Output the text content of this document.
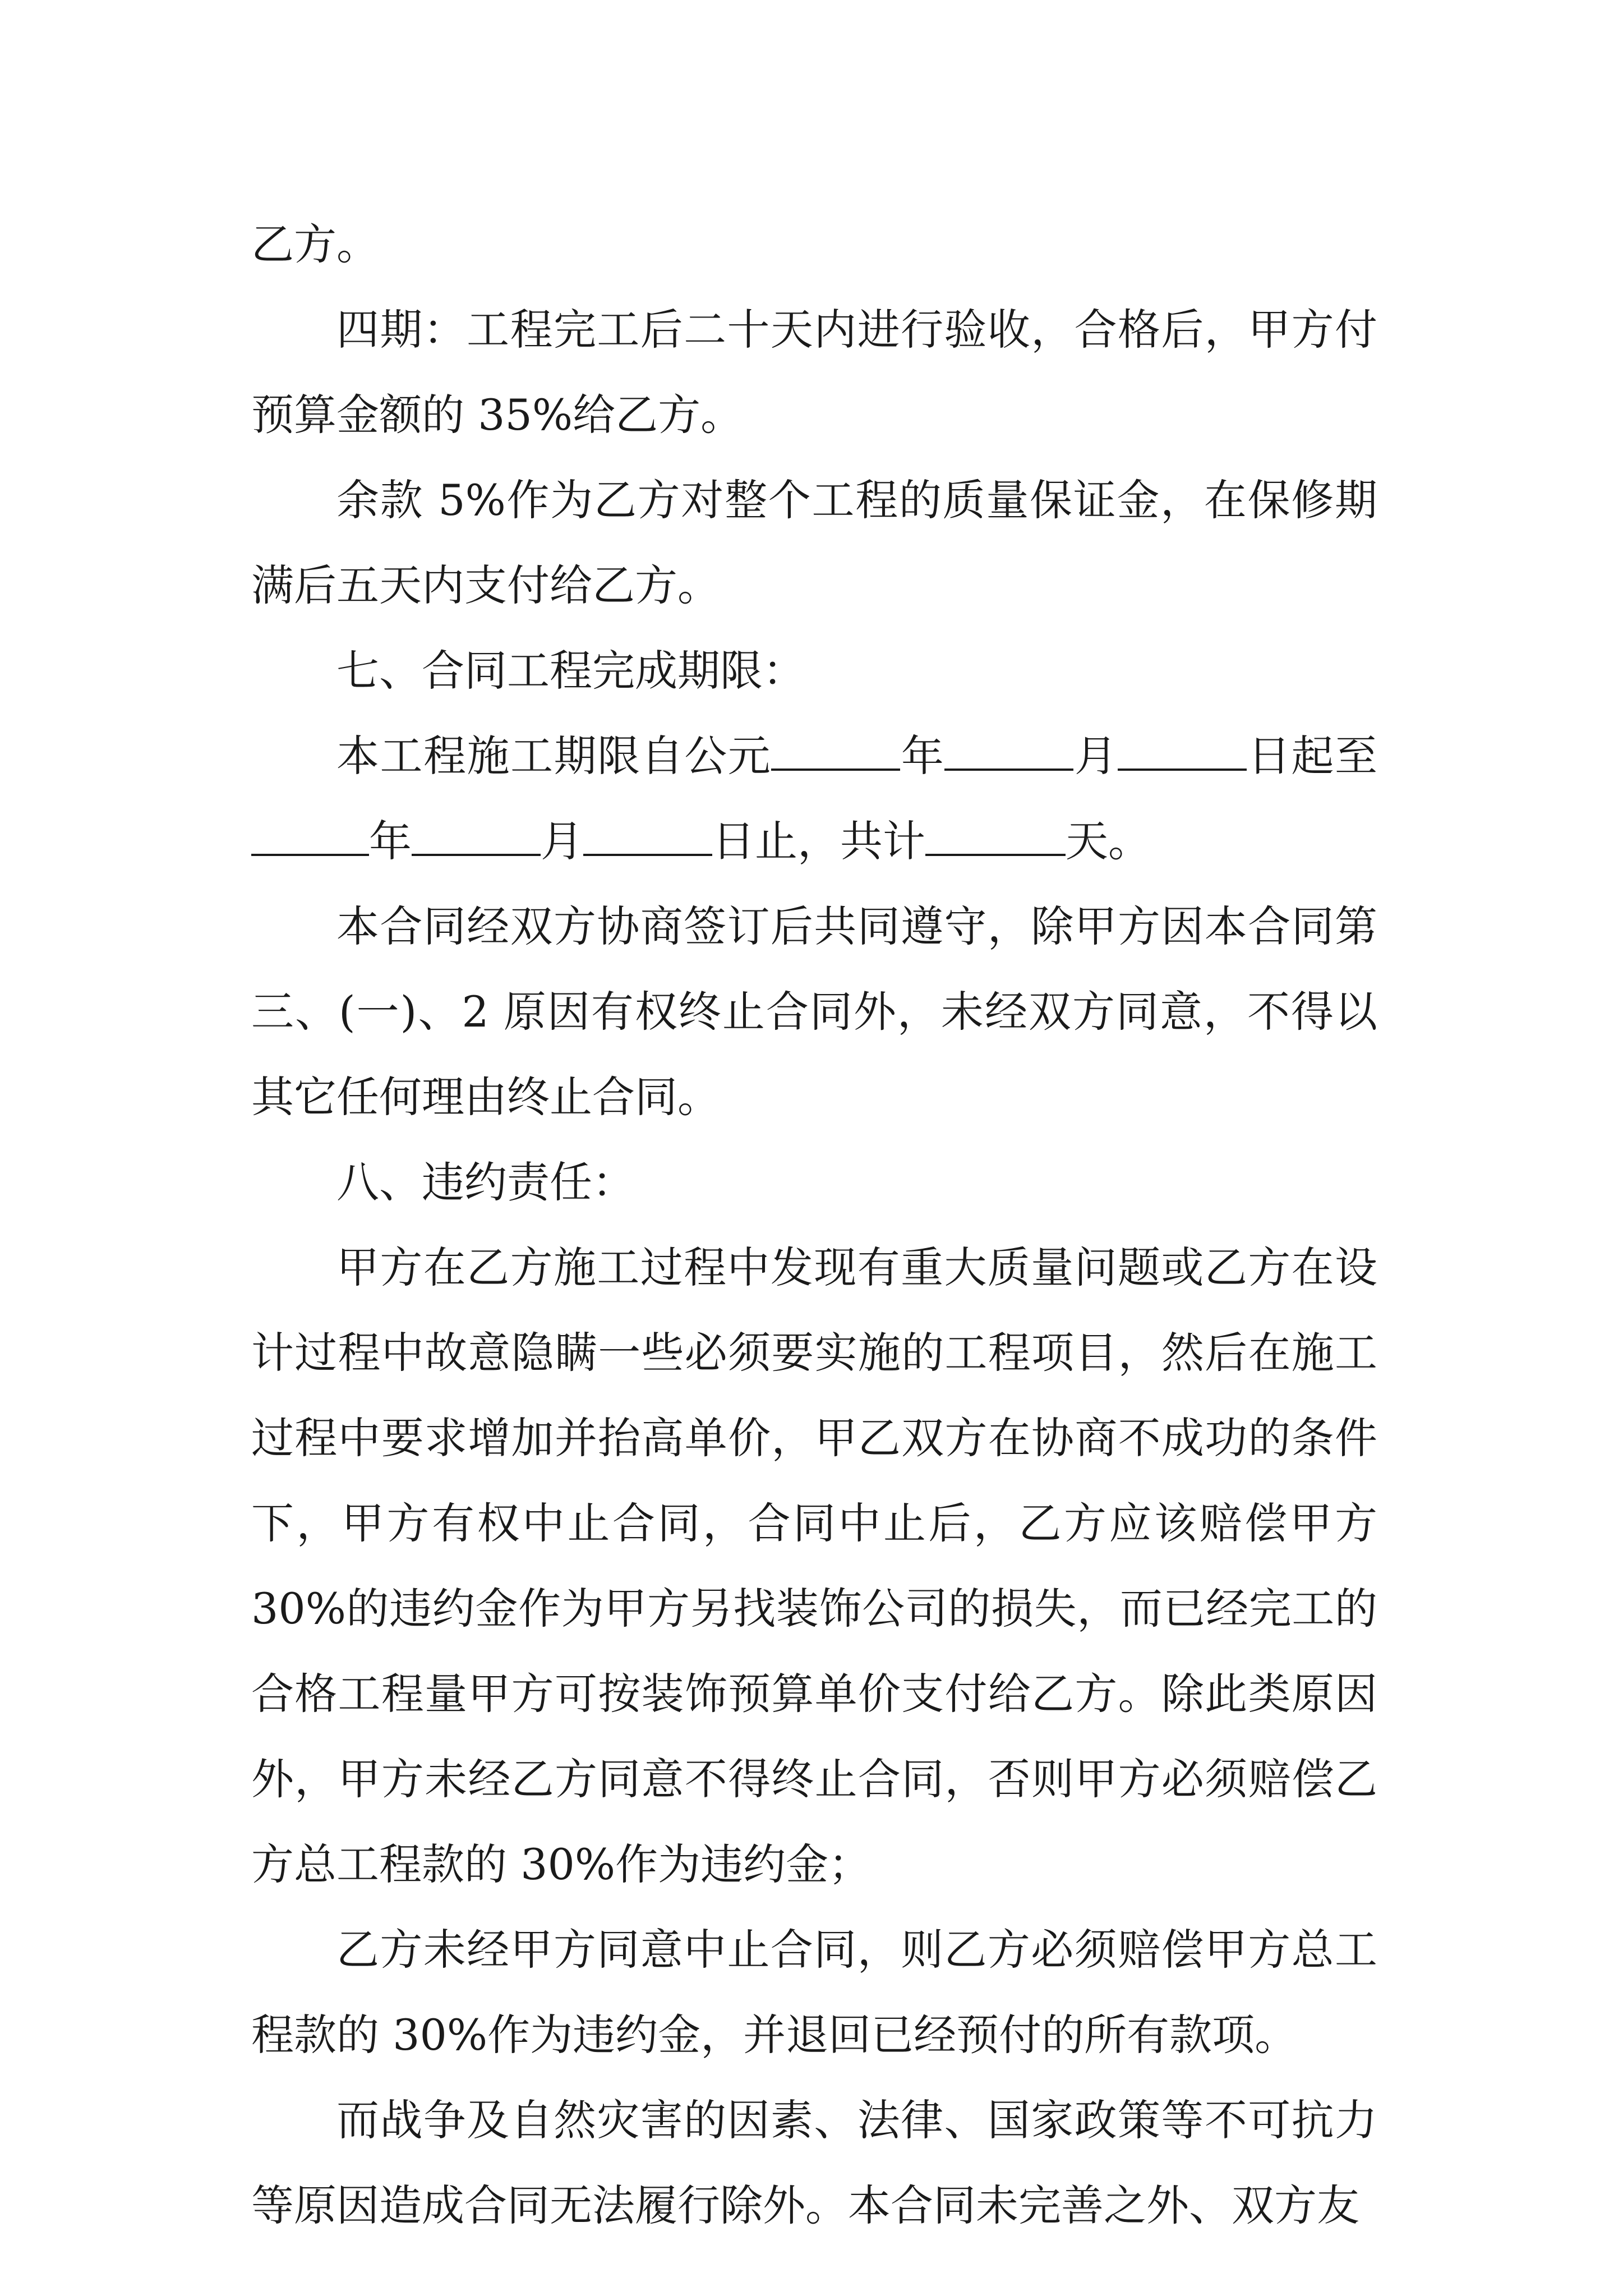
乙方。

四期：工程完工后二十天内进行验收，合格后，甲方付预算金额的 35%给乙方。

余款 5%作为乙方对整个工程的质量保证金，在保修期满后五天内支付给乙方。

七、合同工程完成期限：

本工程施工期限自公元	年	月	日起至年	月	日止，共计	天。

本合同经双方协商签订后共同遵守，除甲方因本合同第三、(一)、2 原因有权终止合同外，未经双方同意，不得以其它任何理由终止合同。

八、违约责任：

甲方在乙方施工过程中发现有重大质量问题或乙方在设计过程中故意隐瞒一些必须要实施的工程项目，然后在施工过程中要求增加并抬高单价，甲乙双方在协商不成功的条件下，甲方有权中止合同，合同中止后，乙方应该赔偿甲方30%的违约金作为甲方另找装饰公司的损失，而已经完工的合格工程量甲方可按装饰预算单价支付给乙方。除此类原因外，甲方未经乙方同意不得终止合同，否则甲方必须赔偿乙方总工程款的 30%作为违约金；

乙方未经甲方同意中止合同，则乙方必须赔偿甲方总工程款的 30%作为违约金，并退回已经预付的所有款项。

而战争及自然灾害的因素、法律、国家政策等不可抗力等原因造成合同无法履行除外。本合同未完善之外、双方友
